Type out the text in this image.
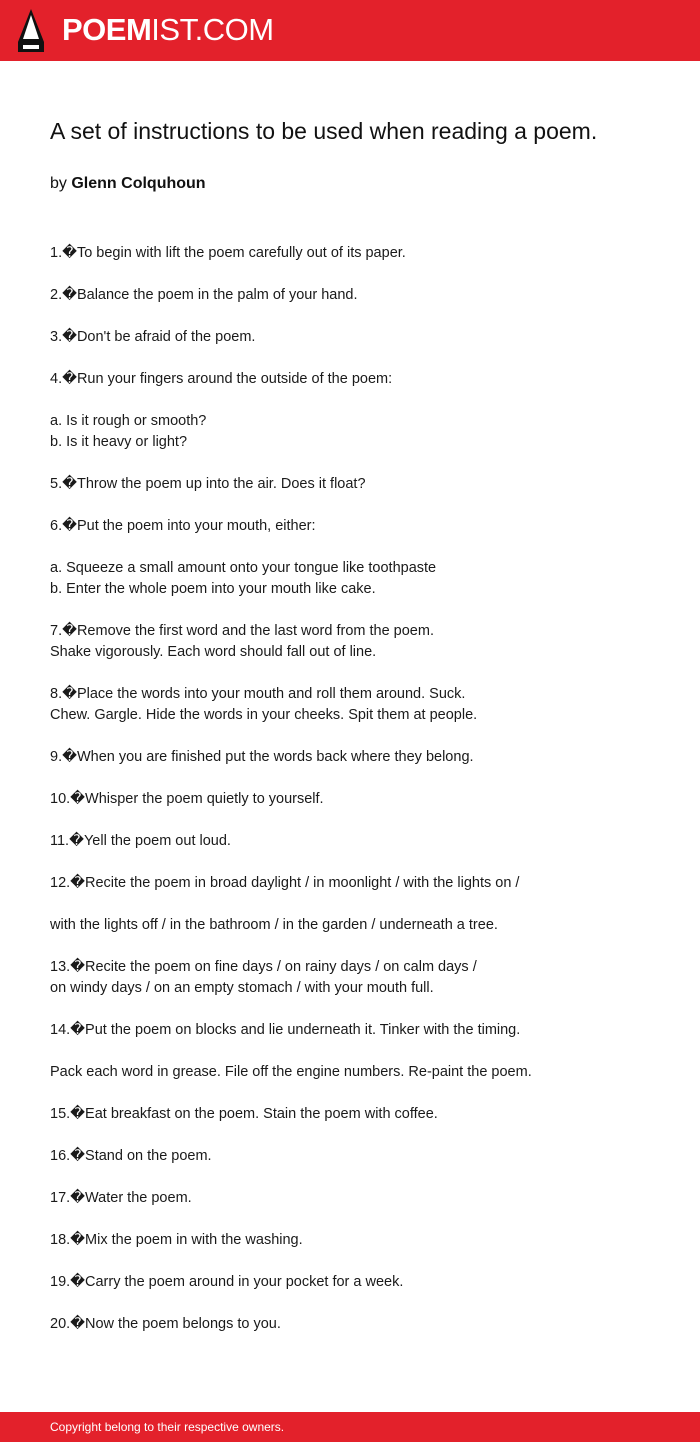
POEMIST.COM
A set of instructions to be used when reading a poem.
by Glenn Colquhoun
1.�To begin with lift the poem carefully out of its paper.
2.�Balance the poem in the palm of your hand.
3.�Don't be afraid of the poem.
4.�Run your fingers around the outside of the poem:
a. Is it rough or smooth?
b. Is it heavy or light?
5.�Throw the poem up into the air. Does it float?
6.�Put the poem into your mouth, either:
a. Squeeze a small amount onto your tongue like toothpaste
b. Enter the whole poem into your mouth like cake.
7.�Remove the first word and the last word from the poem.
Shake vigorously. Each word should fall out of line.
8.�Place the words into your mouth and roll them around. Suck.
Chew. Gargle. Hide the words in your cheeks. Spit them at people.
9.�When you are finished put the words back where they belong.
10.�Whisper the poem quietly to yourself.
11.�Yell the poem out loud.
12.�Recite the poem in broad daylight / in moonlight / with the lights on /
with the lights off / in the bathroom / in the garden / underneath a tree.
13.�Recite the poem on fine days / on rainy days / on calm days /
on windy days / on an empty stomach / with your mouth full.
14.�Put the poem on blocks and lie underneath it. Tinker with the timing.
Pack each word in grease. File off the engine numbers. Re-paint the poem.
15.�Eat breakfast on the poem. Stain the poem with coffee.
16.�Stand on the poem.
17.�Water the poem.
18.�Mix the poem in with the washing.
19.�Carry the poem around in your pocket for a week.
20.�Now the poem belongs to you.
Copyright belong to their respective owners.
